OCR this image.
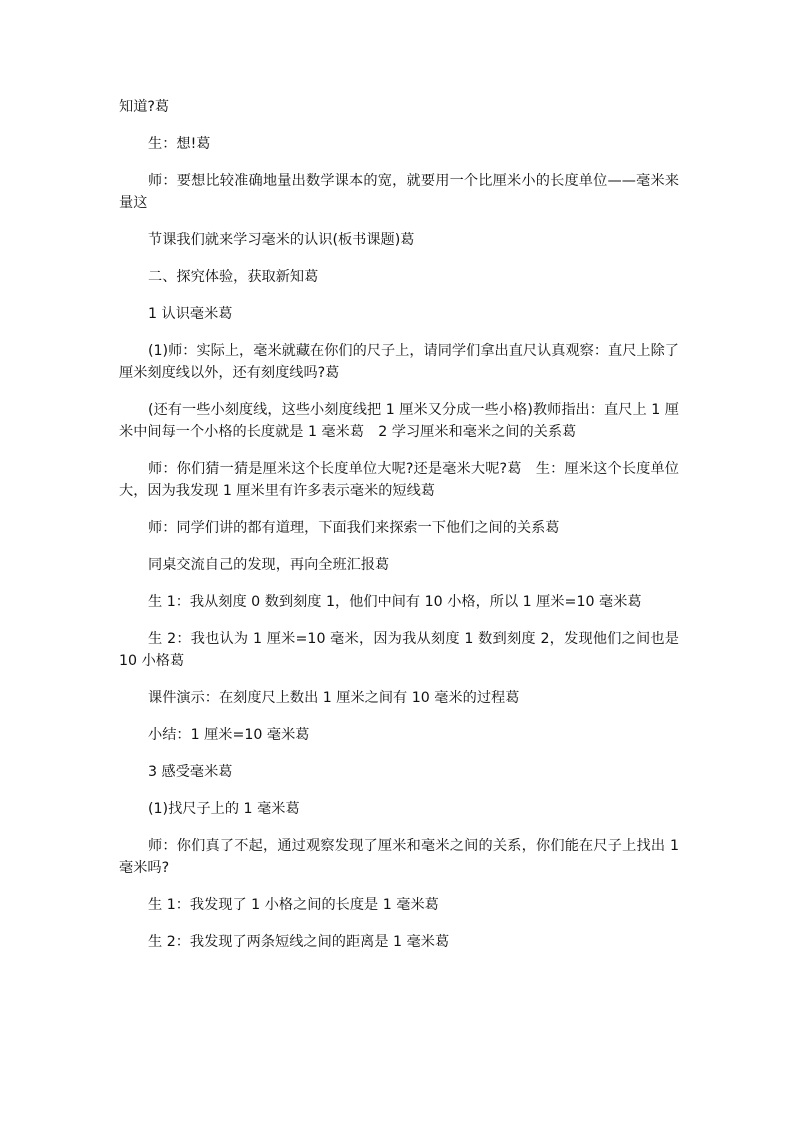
知道?葛

生：想!葛

师：要想比较准确地量出数学课本的宽，就要用一个比厘米小的长度单位——毫米来量这

节课我们就来学习毫米的认识(板书课题)葛

二、探究体验，获取新知葛

1 认识毫米葛

(1)师：实际上，毫米就藏在你们的尺子上，请同学们拿出直尺认真观察：直尺上除了厘米刻度线以外，还有刻度线吗?葛

(还有一些小刻度线，这些小刻度线把 1 厘米又分成一些小格)教师指出：直尺上 1 厘米中间每一个小格的长度就是 1 毫米葛　2 学习厘米和毫米之间的关系葛

师：你们猜一猜是厘米这个长度单位大呢?还是毫米大呢?葛　生：厘米这个长度单位大，因为我发现 1 厘米里有许多表示毫米的短线葛

师：同学们讲的都有道理，下面我们来探索一下他们之间的关系葛

同桌交流自己的发现，再向全班汇报葛

生 1：我从刻度 0 数到刻度 1，他们中间有 10 小格，所以 1 厘米=10 毫米葛

生 2：我也认为 1 厘米=10 毫米，因为我从刻度 1 数到刻度 2，发现他们之间也是 10 小格葛

课件演示：在刻度尺上数出 1 厘米之间有 10 毫米的过程葛

小结：1 厘米=10 毫米葛

3 感受毫米葛

(1)找尺子上的 1 毫米葛

师：你们真了不起，通过观察发现了厘米和毫米之间的关系，你们能在尺子上找出 1 毫米吗?

生 1：我发现了 1 小格之间的长度是 1 毫米葛

生 2：我发现了两条短线之间的距离是 1 毫米葛
